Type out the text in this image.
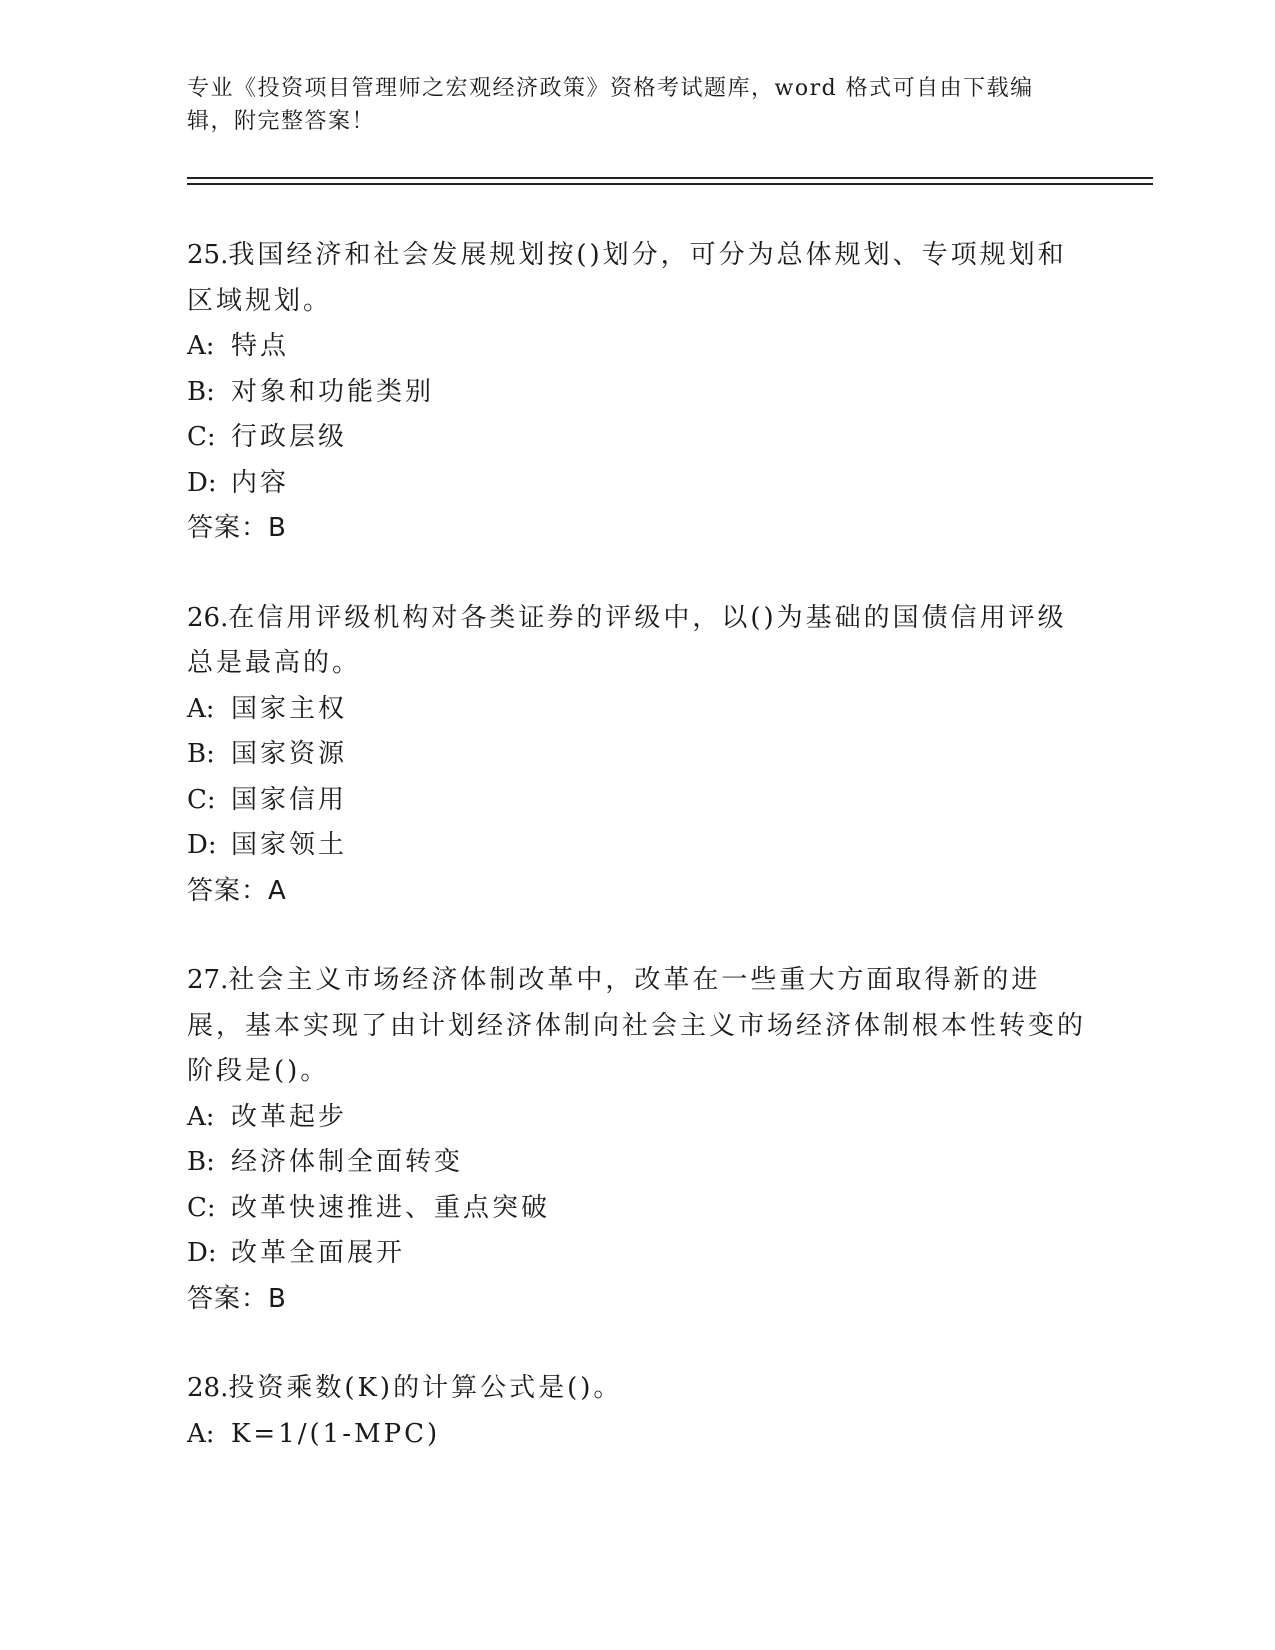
专业《投资项目管理师之宏观经济政策》资格考试题库，word 格式可自由下载编
辑，附完整答案！

25.我国经济和社会发展规划按()划分，可分为总体规划、专项规划和区域规划。

A: 特点
B: 对象和功能类别
C: 行政层级
D: 内容
答案：B

26.在信用评级机构对各类证券的评级中，以()为基础的国债信用评级总是最高的。

A: 国家主权
B: 国家资源
C: 国家信用
D: 国家领土
答案：A

27.社会主义市场经济体制改革中，改革在一些重大方面取得新的进展，基本实现了由计划经济体制向社会主义市场经济体制根本性转变的阶段是()。

A: 改革起步
B: 经济体制全面转变
C: 改革快速推进、重点突破
D: 改革全面展开
答案：B

28.投资乘数(K)的计算公式是()。

A: K=1/(1-MPC)
